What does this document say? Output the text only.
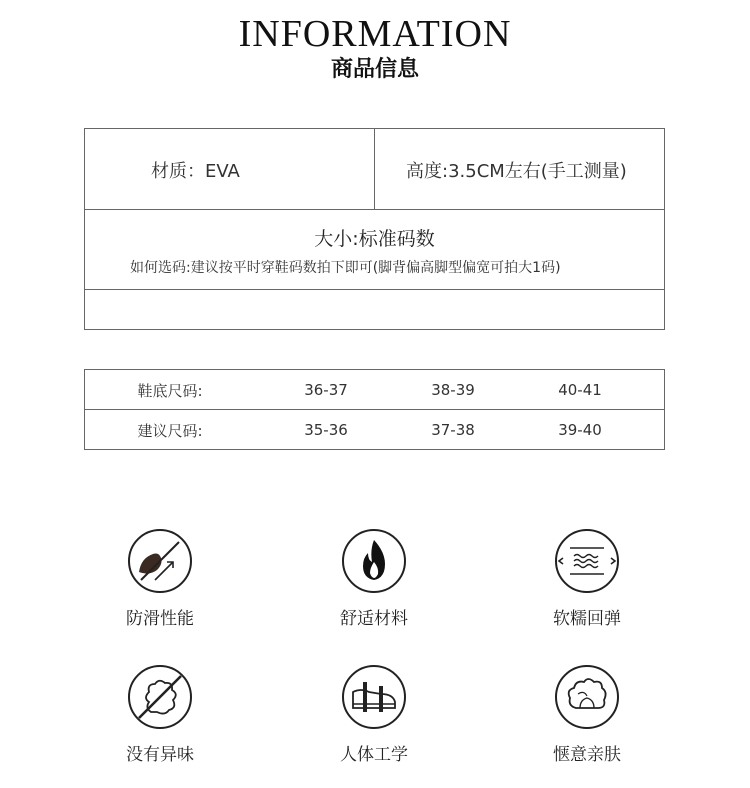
INFORMATION
商品信息
材质：EVA	高度:3.5CM左右(手工测量)
大小:标准码数
如何选码:建议按平时穿鞋码数拍下即可(脚背偏高脚型偏宽可拍大1码)
鞋底尺码:	36-37	38-39	40-41
建议尺码:	35-36	37-38	39-40
防滑性能	舒适材料	软糯回弹
没有异味	人体工学	惬意亲肤
